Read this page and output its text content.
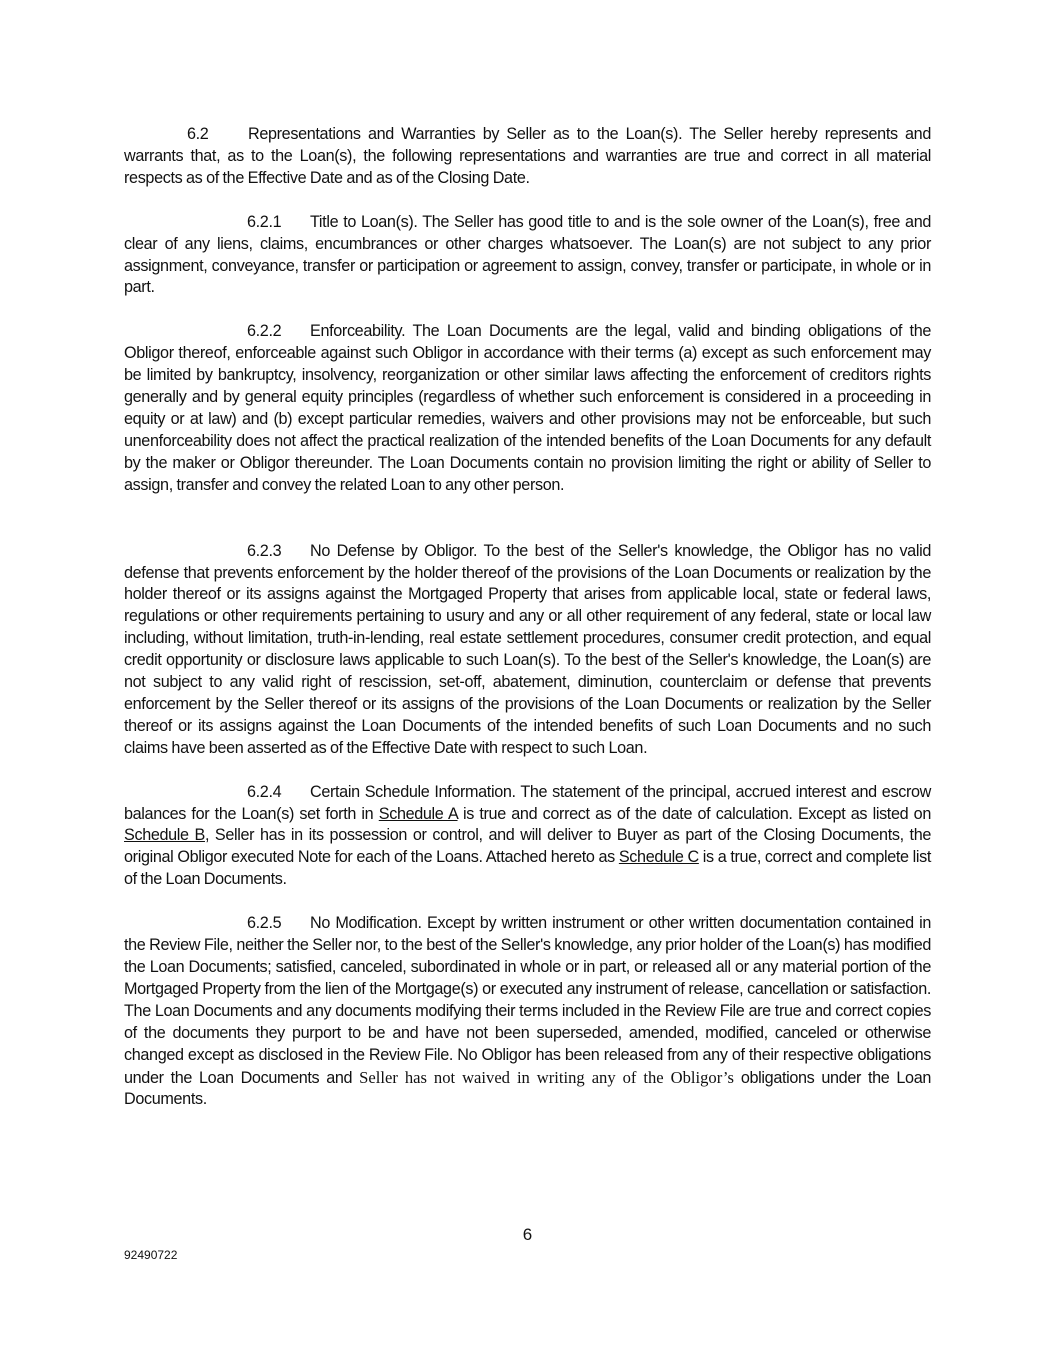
6.2 Representations and Warranties by Seller as to the Loan(s). The Seller hereby represents and warrants that, as to the Loan(s), the following representations and warranties are true and correct in all material respects as of the Effective Date and as of the Closing Date.

6.2.1 Title to Loan(s). The Seller has good title to and is the sole owner of the Loan(s), free and clear of any liens, claims, encumbrances or other charges whatsoever. The Loan(s) are not subject to any prior assignment, conveyance, transfer or participation or agreement to assign, convey, transfer or participate, in whole or in part.

6.2.2 Enforceability. The Loan Documents are the legal, valid and binding obligations of the Obligor thereof, enforceable against such Obligor in accordance with their terms (a) except as such enforcement may be limited by bankruptcy, insolvency, reorganization or other similar laws affecting the enforcement of creditors rights generally and by general equity principles (regardless of whether such enforcement is considered in a proceeding in equity or at law) and (b) except particular remedies, waivers and other provisions may not be enforceable, but such unenforceability does not affect the practical realization of the intended benefits of the Loan Documents for any default by the maker or Obligor thereunder. The Loan Documents contain no provision limiting the right or ability of Seller to assign, transfer and convey the related Loan to any other person.

6.2.3 No Defense by Obligor. To the best of the Seller's knowledge, the Obligor has no valid defense that prevents enforcement by the holder thereof of the provisions of the Loan Documents or realization by the holder thereof or its assigns against the Mortgaged Property that arises from applicable local, state or federal laws, regulations or other requirements pertaining to usury and any or all other requirement of any federal, state or local law including, without limitation, truth-in-lending, real estate settlement procedures, consumer credit protection, and equal credit opportunity or disclosure laws applicable to such Loan(s). To the best of the Seller's knowledge, the Loan(s) are not subject to any valid right of rescission, set-off, abatement, diminution, counterclaim or defense that prevents enforcement by the Seller thereof or its assigns of the provisions of the Loan Documents or realization by the Seller thereof or its assigns against the Loan Documents of the intended benefits of such Loan Documents and no such claims have been asserted as of the Effective Date with respect to such Loan.

6.2.4 Certain Schedule Information. The statement of the principal, accrued interest and escrow balances for the Loan(s) set forth in Schedule A is true and correct as of the date of calculation. Except as listed on Schedule B, Seller has in its possession or control, and will deliver to Buyer as part of the Closing Documents, the original Obligor executed Note for each of the Loans. Attached hereto as Schedule C is a true, correct and complete list of the Loan Documents.

6.2.5 No Modification. Except by written instrument or other written documentation contained in the Review File, neither the Seller nor, to the best of the Seller's knowledge, any prior holder of the Loan(s) has modified the Loan Documents; satisfied, canceled, subordinated in whole or in part, or released all or any material portion of the Mortgaged Property from the lien of the Mortgage(s) or executed any instrument of release, cancellation or satisfaction. The Loan Documents and any documents modifying their terms included in the Review File are true and correct copies of the documents they purport to be and have not been superseded, amended, modified, canceled or otherwise changed except as disclosed in the Review File. No Obligor has been released from any of their respective obligations under the Loan Documents and Seller has not waived in writing any of the Obligor’s obligations under the Loan Documents.

6
92490722
